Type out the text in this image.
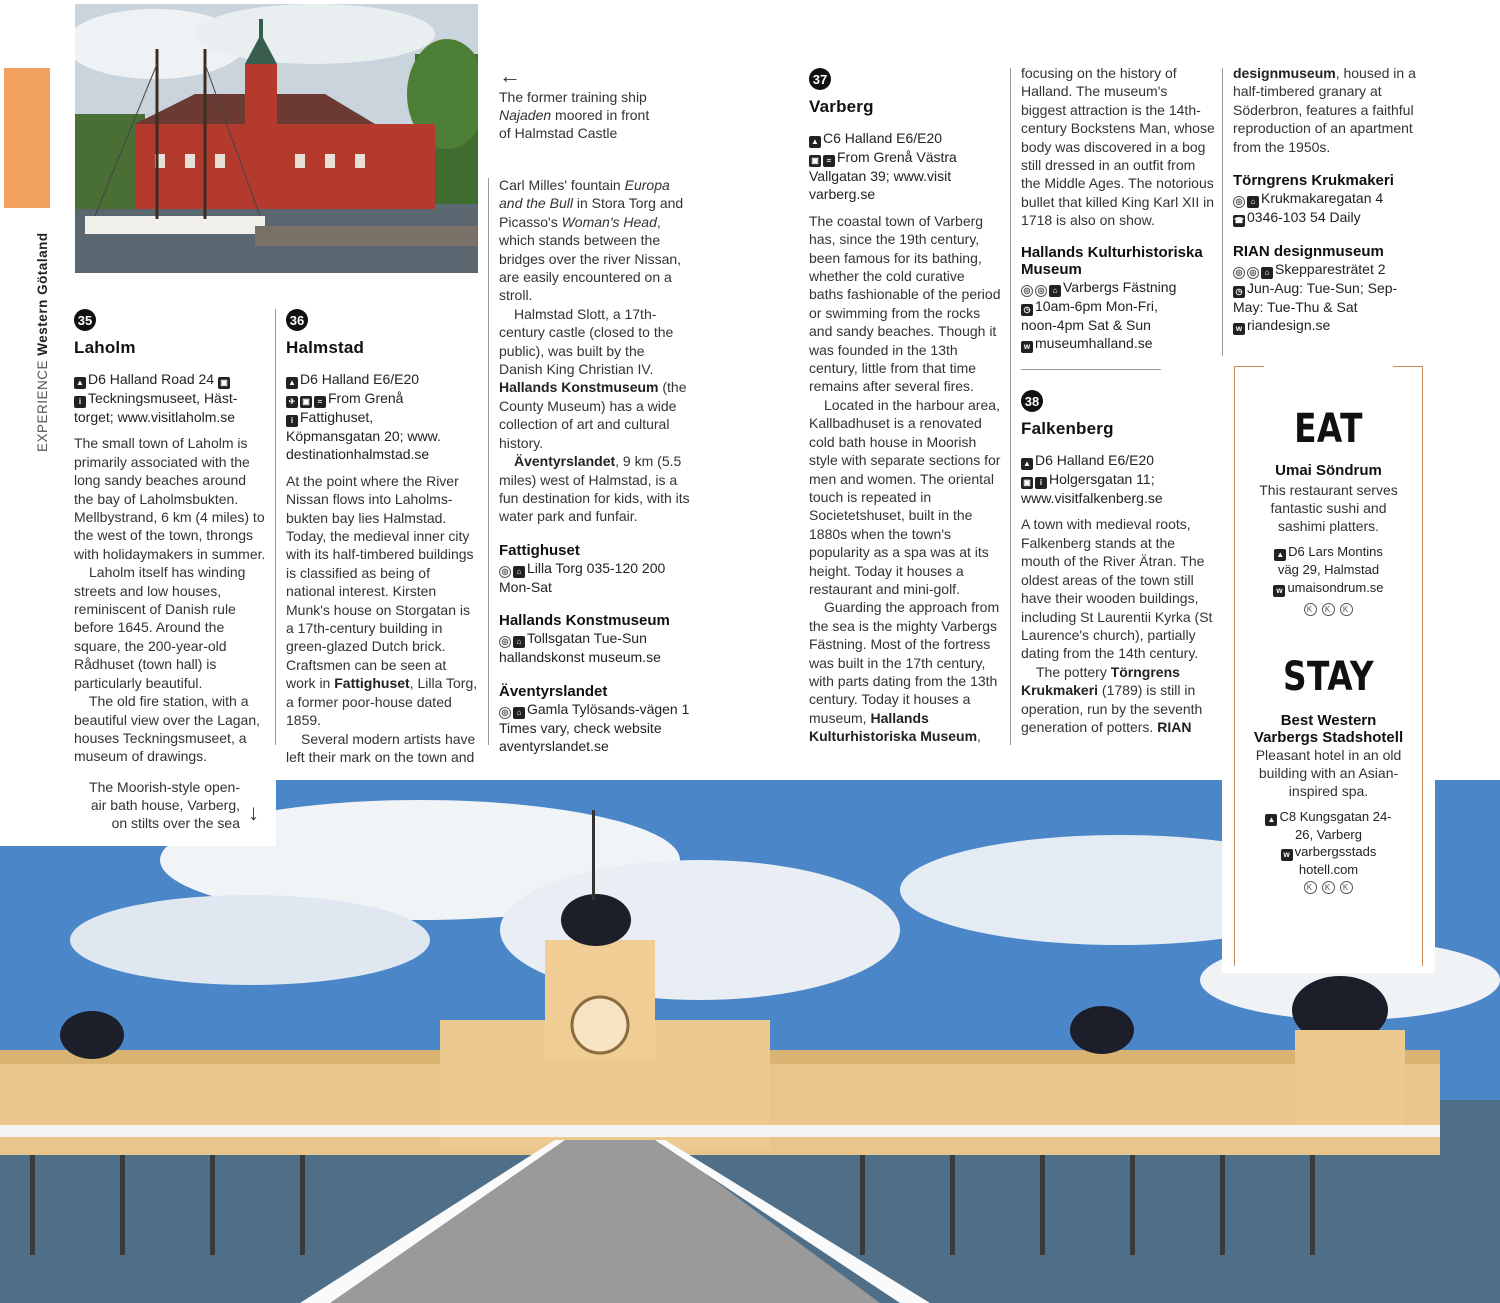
EXPERIENCE Western Götaland
←
The former training ship
Najaden moored in front
of Halmstad Castle
35
Laholm
▲ D6 Halland Road 24 ▣
i Teckningsmuseet, Häst-
torget; www.visitlaholm.se

The small town of Laholm is primarily associated with the long sandy beaches around the bay of Laholmsbukten. Mellbystrand, 6 km (4 miles) to the west of the town, throngs with holidaymakers in summer.

Laholm itself has winding streets and low houses, reminiscent of Danish rule before 1645. Around the square, the 200-year-old Rådhuset (town hall) is particularly beautiful.

The old fire station, with a beautiful view over the Lagan, houses Teckningsmuseet, a museum of drawings.

36
Halmstad
▲ D6 Halland E6/E20
✈ ▣ ≈ From Grenå
i Fattighuset,
Köpmansgatan 20; www.
destinationhalmstad.se

At the point where the River Nissan flows into Laholms-bukten bay lies Halmstad. Today, the medieval inner city with its half-timbered buildings is classified as being of national interest. Kirsten Munk's house on Storgatan is a 17th-century building in green-glazed Dutch brick. Craftsmen can be seen at work in Fattighuset, Lilla Torg, a former poor-house dated 1859.

Several modern artists have left their mark on the town and

Carl Milles' fountain Europa and the Bull in Stora Torg and Picasso's Woman's Head, which stands between the bridges over the river Nissan, are easily encountered on a stroll.

Halmstad Slott, a 17th-century castle (closed to the public), was built by the Danish King Christian IV. Hallands Konstmuseum (the County Museum) has a wide collection of art and cultural history.

Äventyrslandet, 9 km (5.5 miles) west of Halmstad, is a fun destination for kids, with its water park and funfair.

Fattighuset
◎ ⌂ Lilla Torg 035-120 200 Mon-Sat
Hallands Konstmuseum
◎ ⌂ Tollsgatan Tue-Sun hallandskonst museum.se
Äventyrslandet
◎ ⌂ Gamla Tylösands-vägen 1 Times vary, check website aventyrslandet.se
37
Varberg
▲ C6 Halland E6/E20
▣ ≈ From Grenå Västra
Vallgatan 39; www.visit
varberg.se

The coastal town of Varberg has, since the 19th century, been famous for its bathing, whether the cold curative baths fashionable of the period or swimming from the rocks and sandy beaches. Though it was founded in the 13th century, little from that time remains after several fires.

Located in the harbour area, Kallbadhuset is a renovated cold bath house in Moorish style with separate sections for men and women. The oriental touch is repeated in Societetshuset, built in the 1880s when the town's popularity as a spa was at its height. Today it houses a restaurant and mini-golf.

Guarding the approach from the sea is the mighty Varbergs Fästning. Most of the fortress was built in the 17th century, with parts dating from the 13th century. Today it houses a museum, Hallands Kulturhistoriska Museum,

focusing on the history of Halland. The museum's biggest attraction is the 14th-century Bockstens Man, whose body was discovered in a bog still dressed in an outfit from the Middle Ages. The notorious bullet that killed King Karl XII in 1718 is also on show.

Hallands Kulturhistoriska Museum
◎ ◎ ⌂ Varbergs Fästning
◷ 10am-6pm Mon-Fri,
noon-4pm Sat & Sun
w museumhalland.se
38
Falkenberg
▲ D6 Halland E6/E20
▣ i Holgersgatan 11;
www.visitfalkenberg.se

A town with medieval roots, Falkenberg stands at the mouth of the River Ätran. The oldest areas of the town still have their wooden buildings, including St Laurentii Kyrka (St Laurence's church), partially dating from the 14th century.

The pottery Törngrens Krukmakeri (1789) is still in operation, run by the seventh generation of potters. RIAN

designmuseum, housed in a half-timbered granary at Söderbron, features a faithful reproduction of an apartment from the 1950s.

Törngrens Krukmakeri
◎ ⌂ Krukmakaregatan 4
☎ 0346-103 54 Daily
RIAN designmuseum
◎ ◎ ⌂ Skepparesträtet 2
◷ Jun-Aug: Tue-Sun; Sep-
May: Tue-Thu & Sat
w riandesign.se
The Moorish-style open-
air bath house, Varberg,
on stilts over the sea ↓
EAT
Umai Söndrum
This restaurant serves fantastic sushi and sashimi platters.
▲ D6 Lars Montins
väg 29, Halmstad
w umaisondrum.se
K K K
STAY
Best Western
Varbergs Stadshotell
Pleasant hotel in an old building with an Asian-inspired spa.
▲ C8 Kungsgatan 24-
26, Varberg
w varbergsstads
hotell.com
K K K
